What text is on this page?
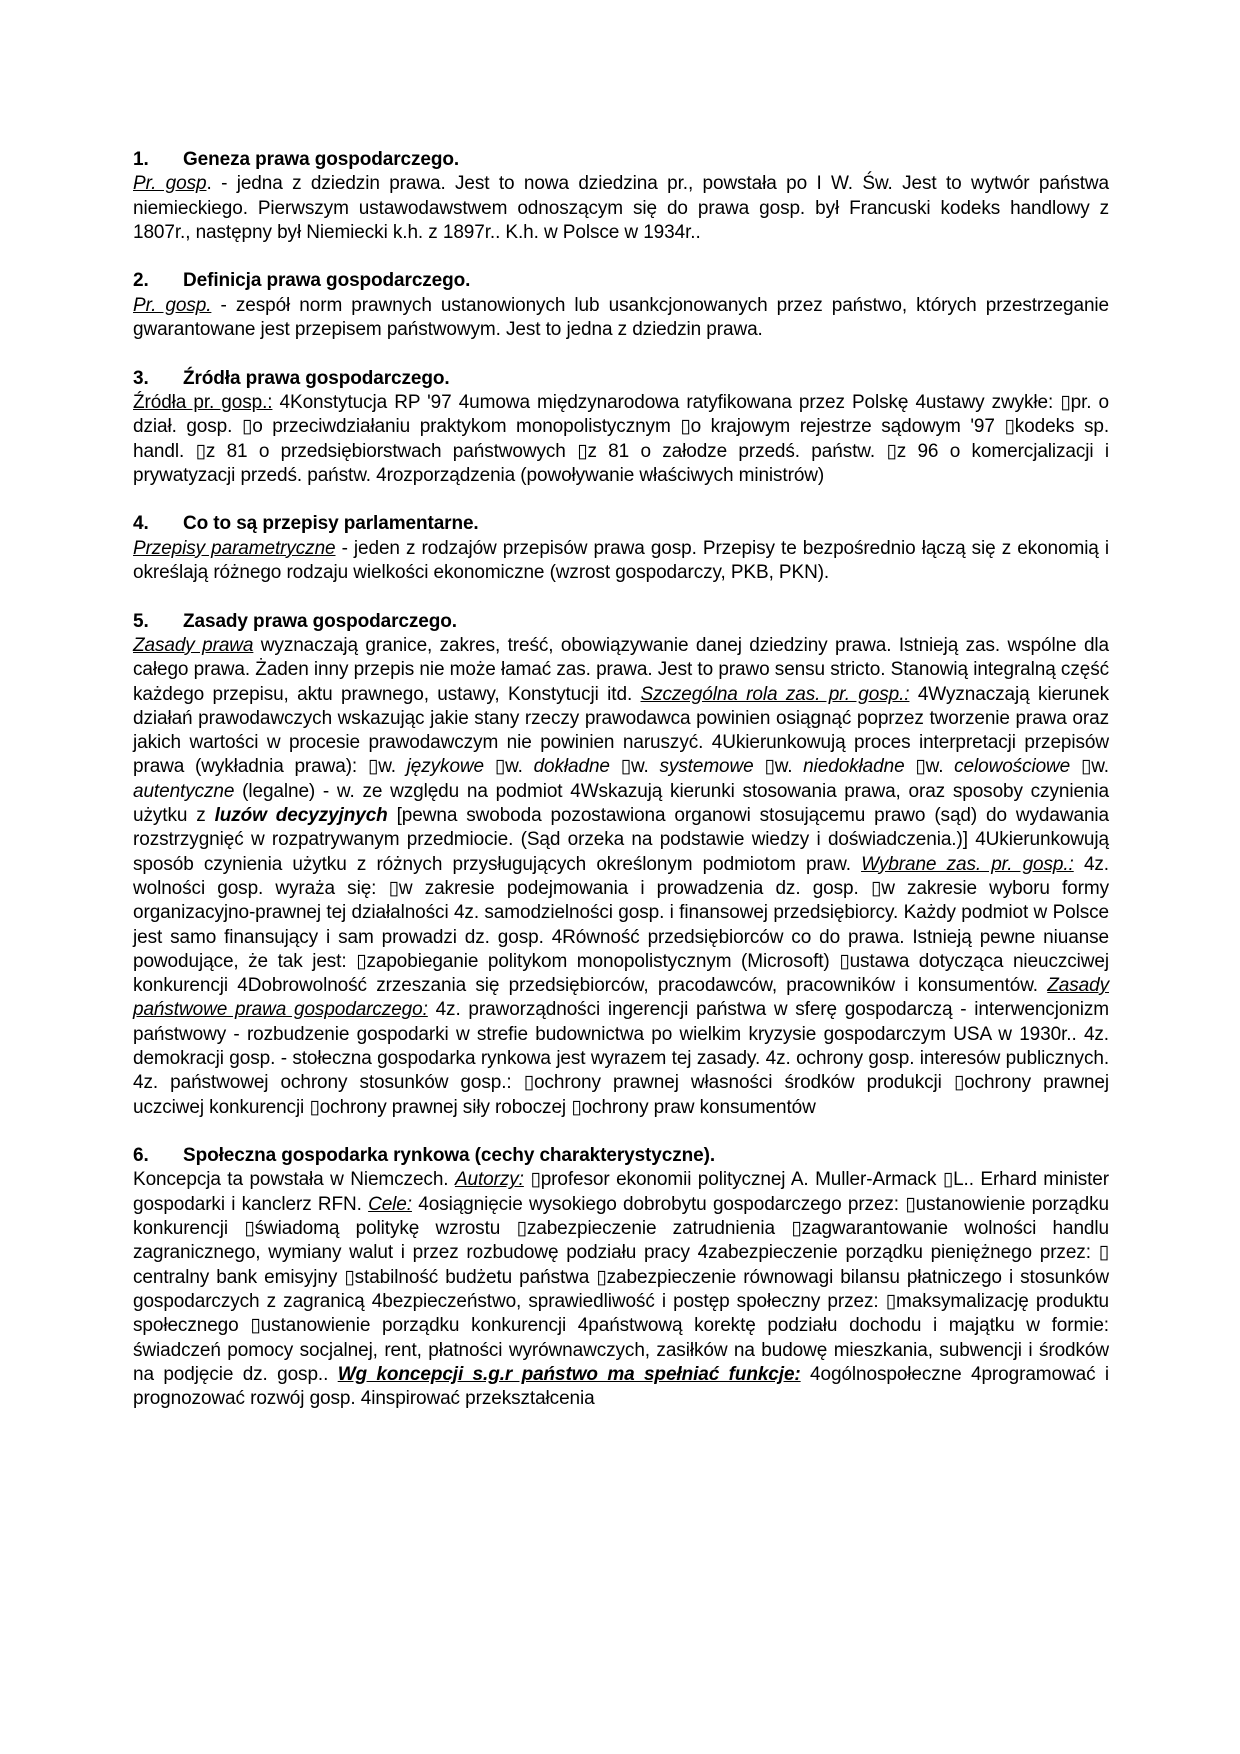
1. Geneza prawa gospodarczego.

Pr. gosp. - jedna z dziedzin prawa. Jest to nowa dziedzina pr., powstała po I W. Św. Jest to wytwór państwa niemieckiego. Pierwszym ustawodawstwem odnoszącym się do prawa gosp. był Francuski kodeks handlowy z 1807r., następny był Niemiecki k.h. z 1897r.. K.h. w Polsce w 1934r..

2. Definicja prawa gospodarczego.

Pr. gosp. - zespół norm prawnych ustanowionych lub usankcjonowanych przez państwo, których przestrzeganie gwarantowane jest przepisem państwowym. Jest to jedna z dziedzin prawa.

3. Źródła prawa gospodarczego.

Źródła pr. gosp.: 4Konstytucja RP '97 4umowa międzynarodowa ratyfikowana przez Polskę 4ustawy zwykłe: ▯pr. o dział. gosp. ▯o przeciwdziałaniu praktykom monopolistycznym ▯o krajowym rejestrze sądowym '97 ▯kodeks sp. handl. ▯z 81 o przedsiębiorstwach państwowych ▯z 81 o załodze przedś. państw. ▯z 96 o komercjalizacji i prywatyzacji przedś. państw. 4rozporządzenia (powoływanie właściwych ministrów)

4. Co to są przepisy parlamentarne.

Przepisy parametryczne - jeden z rodzajów przepisów prawa gosp. Przepisy te bezpośrednio łączą się z ekonomią i określają różnego rodzaju wielkości ekonomiczne (wzrost gospodarczy, PKB, PKN).

5. Zasady prawa gospodarczego.

Zasady prawa wyznaczają granice, zakres, treść, obowiązywanie danej dziedziny prawa. Istnieją zas. wspólne dla całego prawa. Żaden inny przepis nie może łamać zas. prawa. Jest to prawo sensu stricto. Stanowią integralną część każdego przepisu, aktu prawnego, ustawy, Konstytucji itd. Szczególna rola zas. pr. gosp.: 4Wyznaczają kierunek działań prawodawczych wskazując jakie stany rzeczy prawodawca powinien osiągnąć poprzez tworzenie prawa oraz jakich wartości w procesie prawodawczym nie powinien naruszyć. 4Ukierunkowują proces interpretacji przepisów prawa (wykładnia prawa): ▯w. językowe ▯w. dokładne ▯w. systemowe ▯w. niedokładne ▯w. celowościowe ▯w. autentyczne (legalne) - w. ze względu na podmiot 4Wskazują kierunki stosowania prawa, oraz sposoby czynienia użytku z luzów decyzyjnych [pewna swoboda pozostawiona organowi stosującemu prawo (sąd) do wydawania rozstrzygnięć w rozpatrywanym przedmiocie. (Sąd orzeka na podstawie wiedzy i doświadczenia.)] 4Ukierunkowują sposób czynienia użytku z różnych przysługujących określonym podmiotom praw. Wybrane zas. pr. gosp.: 4z. wolności gosp. wyraża się: ▯w zakresie podejmowania i prowadzenia dz. gosp. ▯w zakresie wyboru formy organizacyjno-prawnej tej działalności 4z. samodzielności gosp. i finansowej przedsiębiorcy. Każdy podmiot w Polsce jest samo finansujący i sam prowadzi dz. gosp. 4Równość przedsiębiorców co do prawa. Istnieją pewne niuanse powodujące, że tak jest: ▯zapobieganie politykom monopolistycznym (Microsoft) ▯ustawa dotycząca nieuczciwej konkurencji 4Dobrowolność zrzeszania się przedsiębiorców, pracodawców, pracowników i konsumentów. Zasady państwowe prawa gospodarczego: 4z. praworządności ingerencji państwa w sferę gospodarczą - interwencjonizm państwowy - rozbudzenie gospodarki w strefie budownictwa po wielkim kryzysie gospodarczym USA w 1930r.. 4z. demokracji gosp. - stołeczna gospodarka rynkowa jest wyrazem tej zasady. 4z. ochrony gosp. interesów publicznych. 4z. państwowej ochrony stosunków gosp.: ▯ochrony prawnej własności środków produkcji ▯ochrony prawnej uczciwej konkurencji ▯ochrony prawnej siły roboczej ▯ochrony praw konsumentów

6. Społeczna gospodarka rynkowa (cechy charakterystyczne).

Koncepcja ta powstała w Niemczech. Autorzy: ▯profesor ekonomii politycznej A. Muller-Armack ▯L.. Erhard minister gospodarki i kanclerz RFN. Cele: 4osiągnięcie wysokiego dobrobytu gospodarczego przez: ▯ustanowienie porządku konkurencji ▯świadomą politykę wzrostu ▯zabezpieczenie zatrudnienia ▯zagwarantowanie wolności handlu zagranicznego, wymiany walut i przez rozbudowę podziału pracy 4zabezpieczenie porządku pieniężnego przez: ▯ centralny bank emisyjny ▯stabilność budżetu państwa ▯zabezpieczenie równowagi bilansu płatniczego i stosunków gospodarczych z zagranicą 4bezpieczeństwo, sprawiedliwość i postęp społeczny przez: ▯maksymalizację produktu społecznego ▯ustanowienie porządku konkurencji 4państwową korektę podziału dochodu i majątku w formie: świadczeń pomocy socjalnej, rent, płatności wyrównawczych, zasiłków na budowę mieszkania, subwencji i środków na podjęcie dz. gosp.. Wg koncepcji s.g.r państwo ma spełniać funkcje: 4ogólnospołeczne 4programować i prognozować rozwój gosp. 4inspirować przekształcenia
